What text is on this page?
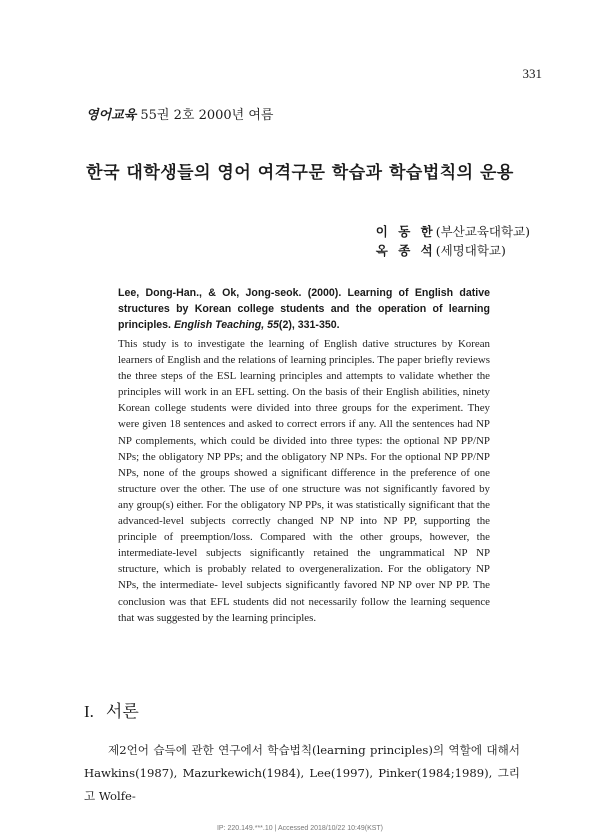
331
영어교육 55권 2호 2000년 여름
한국 대학생들의 영어 여격구문 학습과 학습법칙의 운용
이 동 한(부산교육대학교)
옥 종 석(세명대학교)
Lee, Dong-Han., & Ok, Jong-seok. (2000). Learning of English dative structures by Korean college students and the operation of learning principles. English Teaching, 55(2), 331-350.
This study is to investigate the learning of English dative structures by Korean learners of English and the relations of learning principles. The paper briefly reviews the three steps of the ESL learning principles and attempts to validate whether the principles will work in an EFL setting. On the basis of their English abilities, ninety Korean college students were divided into three groups for the experiment. They were given 18 sentences and asked to correct errors if any. All the sentences had NP NP complements, which could be divided into three types: the optional NP PP/NP NPs; the obligatory NP PPs; and the obligatory NP NPs. For the optional NP PP/NP NPs, none of the groups showed a significant difference in the preference of one structure over the other. The use of one structure was not significantly favored by any group(s) either. For the obligatory NP PPs, it was statistically significant that the advanced-level subjects correctly changed NP NP into NP PP, supporting the principle of preemption/loss. Compared with the other groups, however, the intermediate-level subjects significantly retained the ungrammatical NP NP structure, which is probably related to overgeneralization. For the obligatory NP NPs, the intermediate- level subjects significantly favored NP NP over NP PP. The conclusion was that EFL students did not necessarily follow the learning sequence that was suggested by the learning principles.
I. 서론

제2언어 습득에 관한 연구에서 학습법칙(learning principles)의 역할에 대해서 Hawkins(1987), Mazurkewich(1984), Lee(1997), Pinker(1984;1989), 그리고 Wolfe-

IP: 220.149.***.10 | Accessed 2018/10/22 10:49(KST)
